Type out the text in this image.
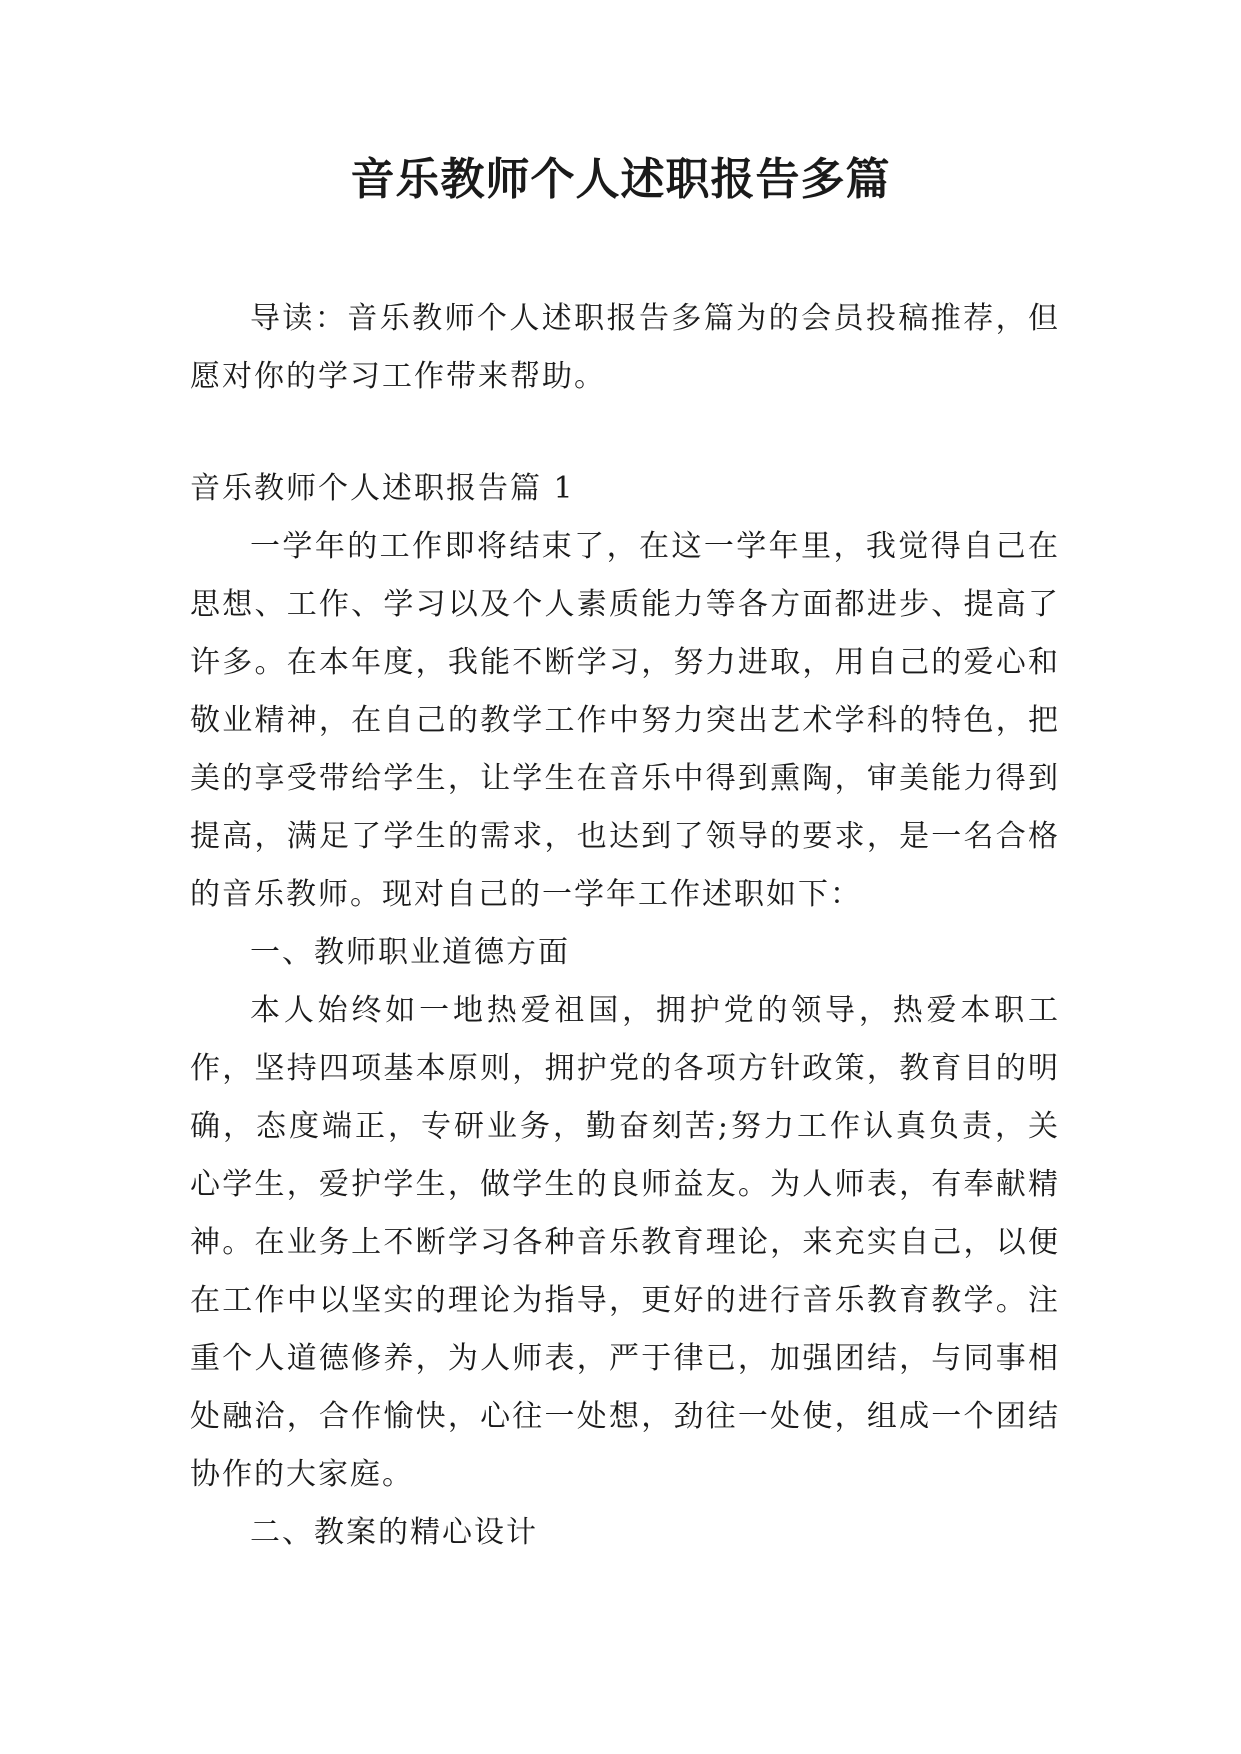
音乐教师个人述职报告多篇

导读：音乐教师个人述职报告多篇为的会员投稿推荐，但愿对你的学习工作带来帮助。

音乐教师个人述职报告篇 1

一学年的工作即将结束了，在这一学年里，我觉得自己在思想、工作、学习以及个人素质能力等各方面都进步、提高了许多。在本年度，我能不断学习，努力进取，用自己的爱心和敬业精神，在自己的教学工作中努力突出艺术学科的特色，把美的享受带给学生，让学生在音乐中得到熏陶，审美能力得到提高，满足了学生的需求，也达到了领导的要求，是一名合格的音乐教师。现对自己的一学年工作述职如下：

一、教师职业道德方面

本人始终如一地热爱祖国，拥护党的领导，热爱本职工作，坚持四项基本原则，拥护党的各项方针政策，教育目的明确，态度端正，专研业务，勤奋刻苦;努力工作认真负责，关心学生，爱护学生，做学生的良师益友。为人师表，有奉献精神。在业务上不断学习各种音乐教育理论，来充实自己，以便在工作中以坚实的理论为指导，更好的进行音乐教育教学。注重个人道德修养，为人师表，严于律已，加强团结，与同事相处融洽，合作愉快，心往一处想，劲往一处使，组成一个团结协作的大家庭。

二、教案的精心设计
